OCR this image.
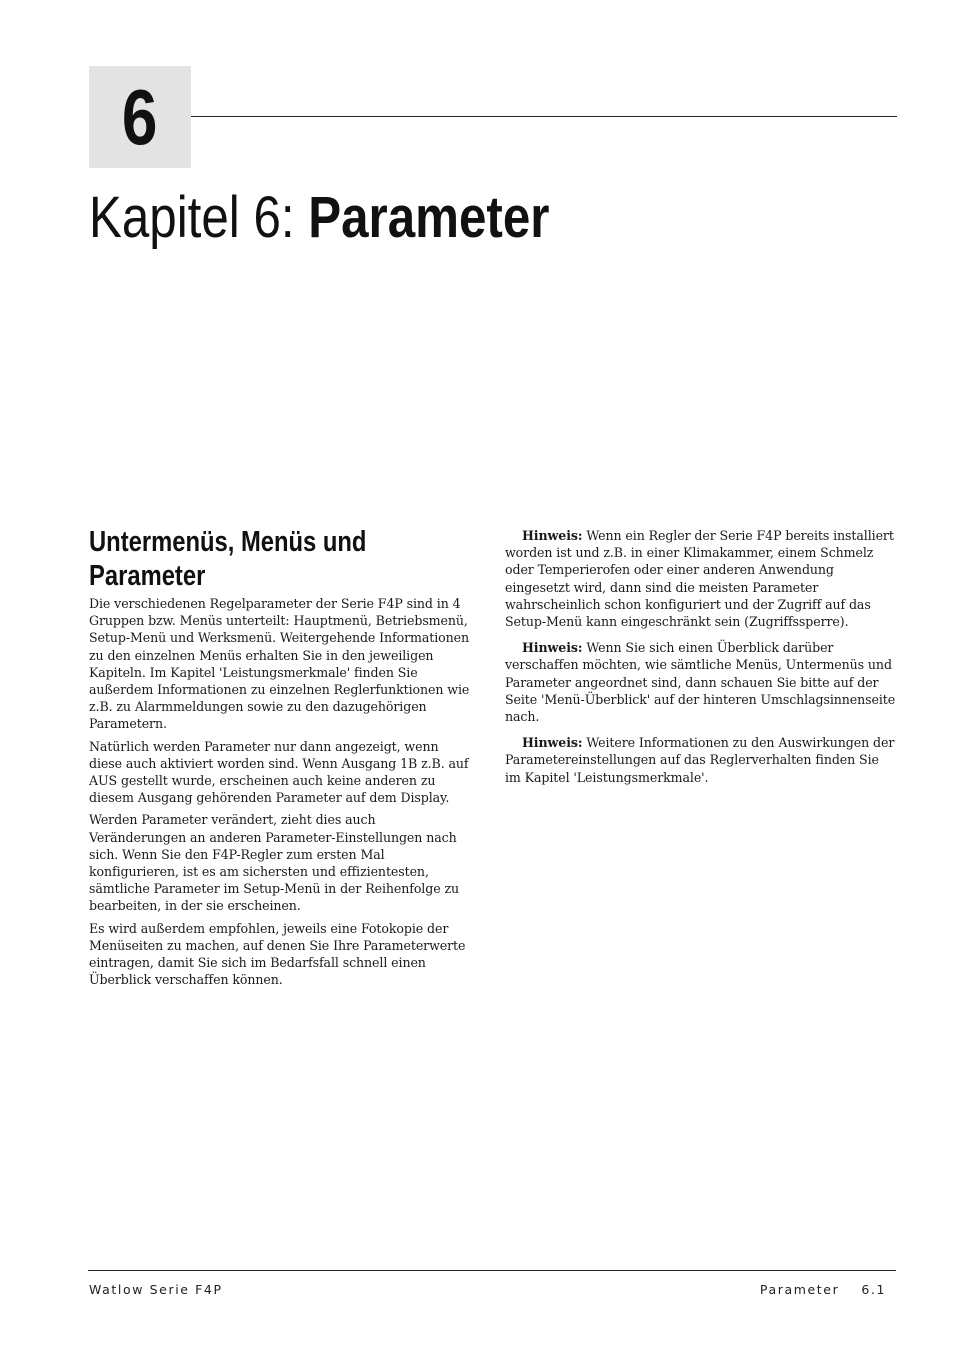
6
Kapitel 6: Parameter
Untermenüs, Menüs und Parameter

Die verschiedenen Regelparameter der Serie F4P sind in 4 Gruppen bzw. Menüs unterteilt: Hauptmenü, Betriebsmenü, Setup-Menü und Werksmenü. Weitergehende Informationen zu den einzelnen Menüs erhalten Sie in den jeweiligen Kapiteln. Im Kapitel 'Leistungsmerkmale' finden Sie außerdem Informationen zu einzelnen Reglerfunktionen wie z.B. zu Alarmmeldungen sowie zu den dazugehörigen Parametern.

Natürlich werden Parameter nur dann angezeigt, wenn diese auch aktiviert worden sind. Wenn Ausgang 1B z.B. auf AUS gestellt wurde, erscheinen auch keine anderen zu diesem Ausgang gehörenden Parameter auf dem Display.

Werden Parameter verändert, zieht dies auch Veränderungen an anderen Parameter-Einstellungen nach sich. Wenn Sie den F4P-Regler zum ersten Mal konfigurieren, ist es am sichersten und effizientesten, sämtliche Parameter im Setup-Menü in der Reihenfolge zu bearbeiten, in der sie erscheinen.

Es wird außerdem empfohlen, jeweils eine Fotokopie der Menüseiten zu machen, auf denen Sie Ihre Parameterwerte eintragen, damit Sie sich im Bedarfsfall schnell einen Überblick verschaffen können.

Hinweis: Wenn ein Regler der Serie F4P bereits installiert worden ist und z.B. in einer Klimakammer, einem Schmelz oder Temperierofen oder einer anderen Anwendung eingesetzt wird, dann sind die meisten Parameter wahrscheinlich schon konfiguriert und der Zugriff auf das Setup-Menü kann eingeschränkt sein (Zugriffssperre).

Hinweis: Wenn Sie sich einen Überblick darüber verschaffen möchten, wie sämtliche Menüs, Untermenüs und Parameter angeordnet sind, dann schauen Sie bitte auf der Seite 'Menü-Überblick' auf der hinteren Umschlagsinnenseite nach.

Hinweis: Weitere Informationen zu den Auswirkungen der Parametereinstellungen auf das Reglerverhalten finden Sie im Kapitel 'Leistungsmerkmale'.

Watlow Serie F4P	Parameter 6.1
